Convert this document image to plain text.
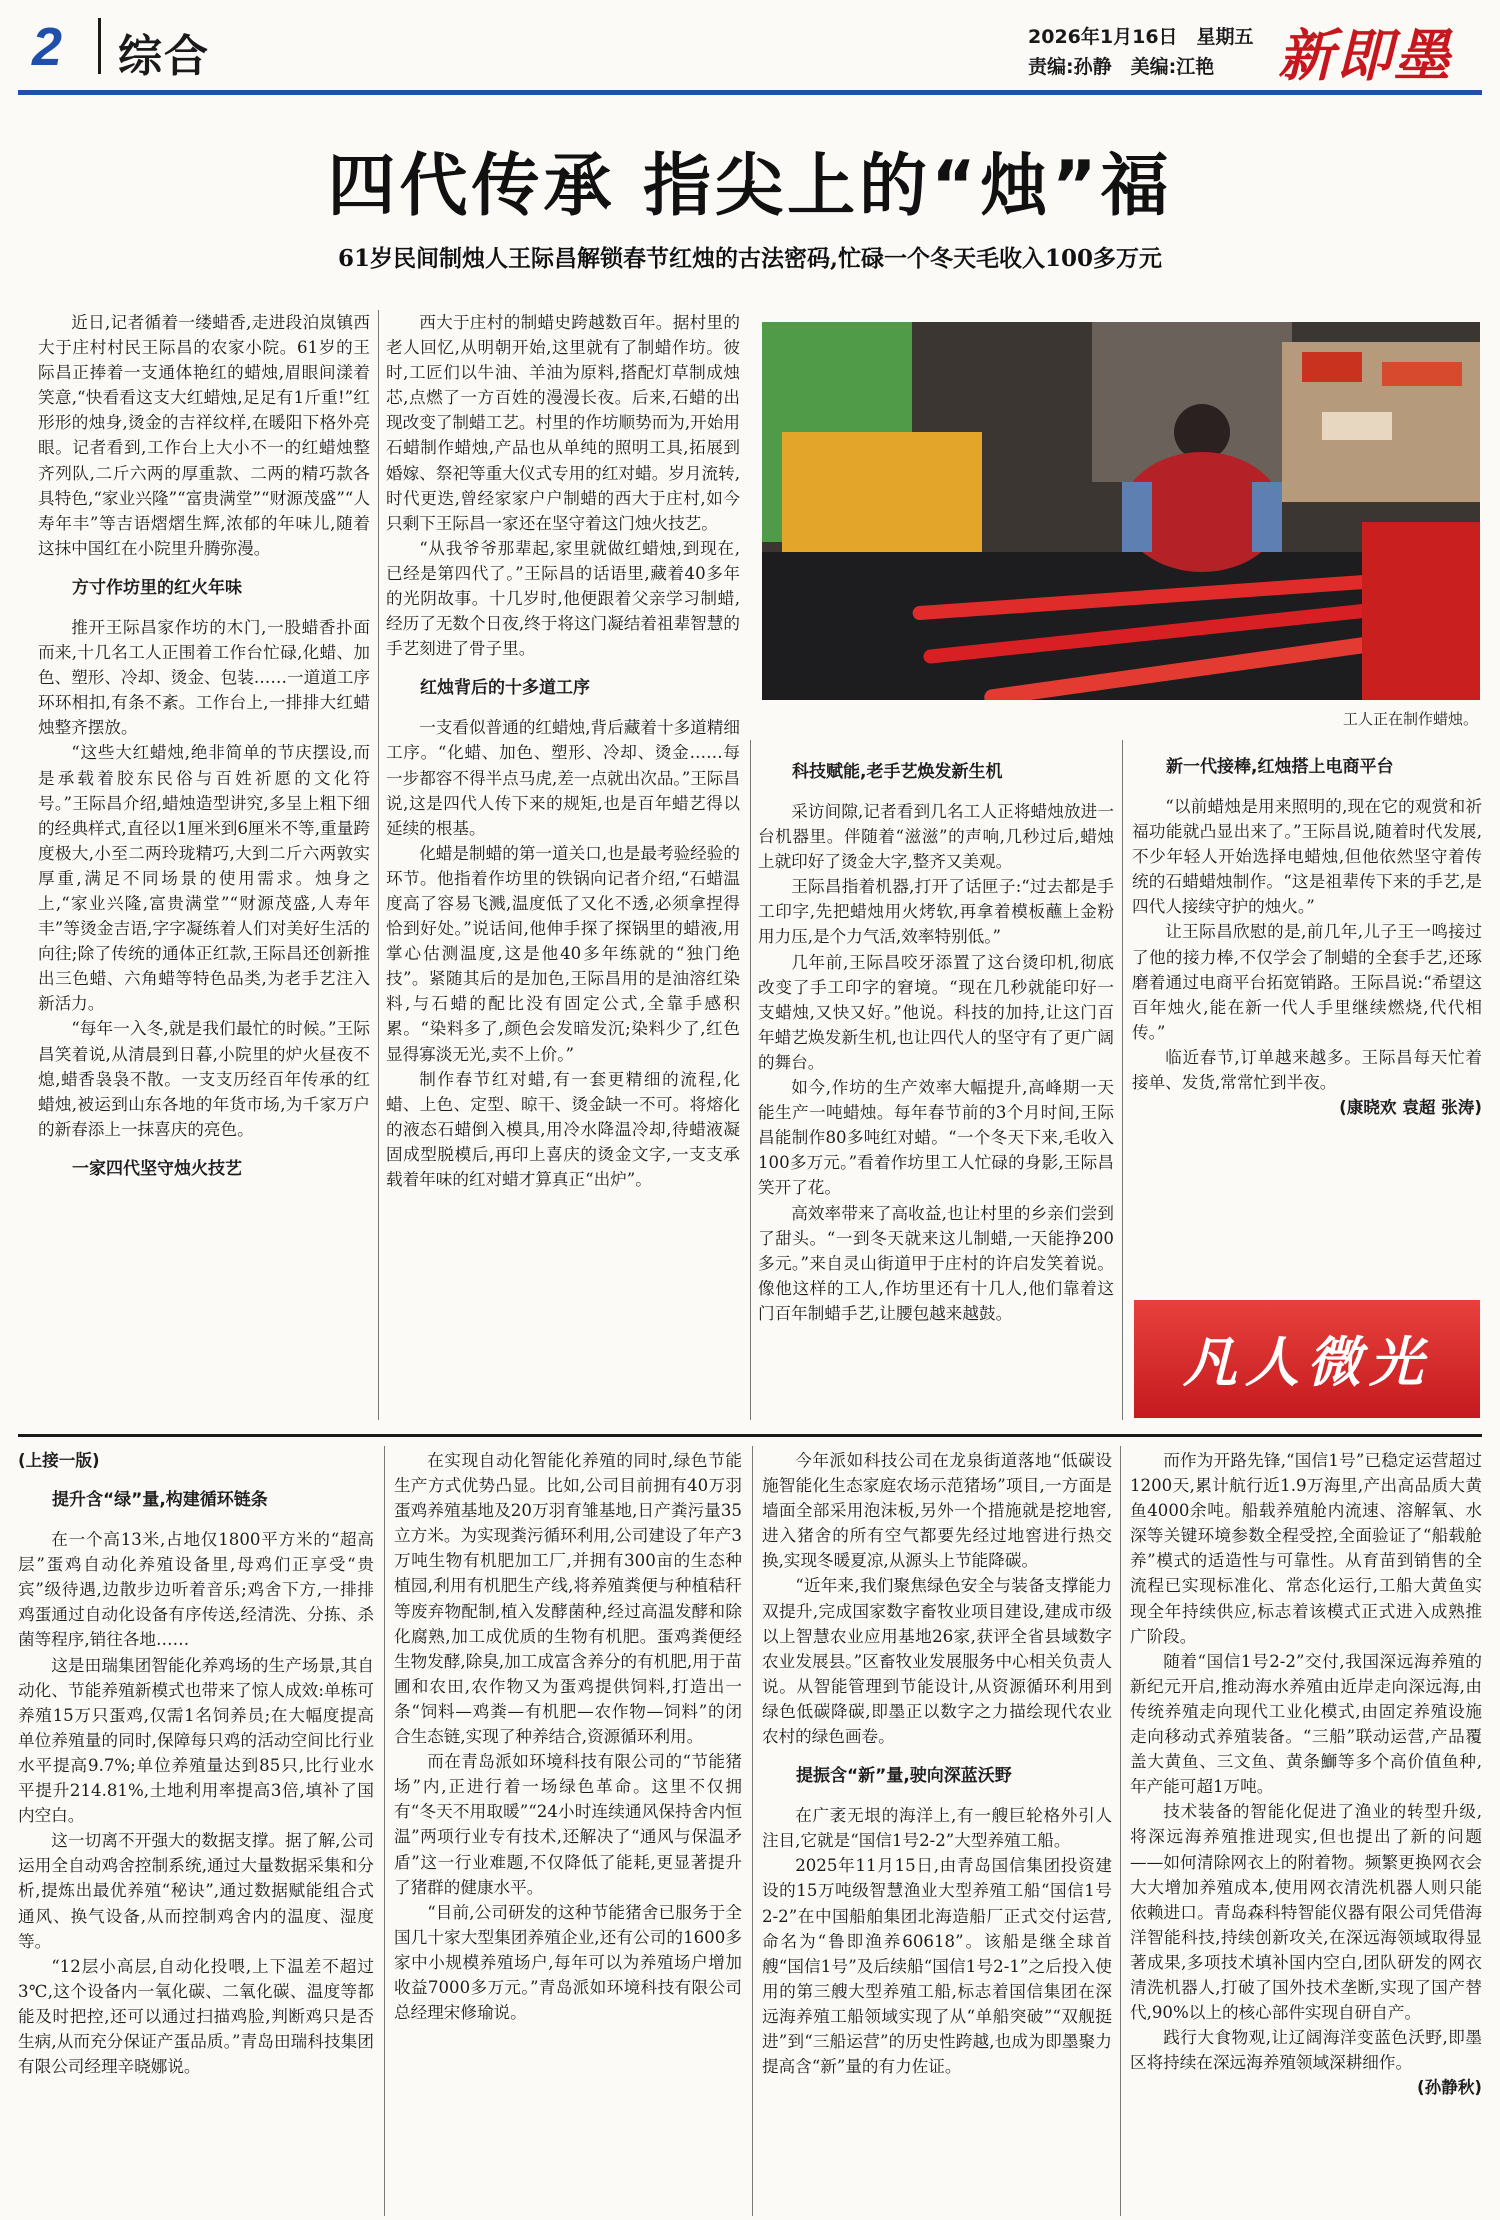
2 综合	2026年1月16日　星期五
责编:孙静　美编:江艳 新即墨
四代传承 指尖上的“烛”福
61岁民间制烛人王际昌解锁春节红烛的古法密码,忙碌一个冬天毛收入100多万元

近日,记者循着一缕蜡香,走进段泊岚镇西大于庄村村民王际昌的农家小院。61岁的王际昌正捧着一支通体艳红的蜡烛,眉眼间漾着笑意,“快看看这支大红蜡烛,足足有1斤重!”红形形的烛身,烫金的吉祥纹样,在暖阳下格外亮眼。记者看到,工作台上大小不一的红蜡烛整齐列队,二斤六两的厚重款、二两的精巧款各具特色,“家业兴隆”“富贵满堂”“财源茂盛”“人寿年丰”等吉语熠熠生辉,浓郁的年味儿,随着这抹中国红在小院里升腾弥漫。

方寸作坊里的红火年味

推开王际昌家作坊的木门,一股蜡香扑面而来,十几名工人正围着工作台忙碌,化蜡、加色、塑形、冷却、烫金、包装……一道道工序环环相扣,有条不紊。工作台上,一排排大红蜡烛整齐摆放。

“这些大红蜡烛,绝非简单的节庆摆设,而是承载着胶东民俗与百姓祈愿的文化符号。”王际昌介绍,蜡烛造型讲究,多呈上粗下细的经典样式,直径以1厘米到6厘米不等,重量跨度极大,小至二两玲珑精巧,大到二斤六两敦实厚重,满足不同场景的使用需求。烛身之上,“家业兴隆,富贵满堂”“财源茂盛,人寿年丰”等烫金吉语,字字凝练着人们对美好生活的向往;除了传统的通体正红款,王际昌还创新推出三色蜡、六角蜡等特色品类,为老手艺注入新活力。

“每年一入冬,就是我们最忙的时候。”王际昌笑着说,从清晨到日暮,小院里的炉火昼夜不熄,蜡香袅袅不散。一支支历经百年传承的红蜡烛,被运到山东各地的年货市场,为千家万户的新春添上一抹喜庆的亮色。

一家四代坚守烛火技艺

西大于庄村的制蜡史跨越数百年。据村里的老人回忆,从明朝开始,这里就有了制蜡作坊。彼时,工匠们以牛油、羊油为原料,搭配灯草制成烛芯,点燃了一方百姓的漫漫长夜。后来,石蜡的出现改变了制蜡工艺。村里的作坊顺势而为,开始用石蜡制作蜡烛,产品也从单纯的照明工具,拓展到婚嫁、祭祀等重大仪式专用的红对蜡。岁月流转,时代更迭,曾经家家户户制蜡的西大于庄村,如今只剩下王际昌一家还在坚守着这门烛火技艺。

“从我爷爷那辈起,家里就做红蜡烛,到现在,已经是第四代了。”王际昌的话语里,藏着40多年的光阴故事。十几岁时,他便跟着父亲学习制蜡,经历了无数个日夜,终于将这门凝结着祖辈智慧的手艺刻进了骨子里。

红烛背后的十多道工序

一支看似普通的红蜡烛,背后藏着十多道精细工序。“化蜡、加色、塑形、冷却、烫金……每一步都容不得半点马虎,差一点就出次品。”王际昌说,这是四代人传下来的规矩,也是百年蜡艺得以延续的根基。

化蜡是制蜡的第一道关口,也是最考验经验的环节。他指着作坊里的铁锅向记者介绍,“石蜡温度高了容易飞溅,温度低了又化不透,必须拿捏得恰到好处。”说话间,他伸手探了探锅里的蜡液,用掌心估测温度,这是他40多年练就的“独门绝技”。紧随其后的是加色,王际昌用的是油溶红染料,与石蜡的配比没有固定公式,全靠手感积累。“染料多了,颜色会发暗发沉;染料少了,红色显得寡淡无光,卖不上价。”

制作春节红对蜡,有一套更精细的流程,化蜡、上色、定型、晾干、烫金缺一不可。将熔化的液态石蜡倒入模具,用冷水降温冷却,待蜡液凝固成型脱模后,再印上喜庆的烫金文字,一支支承载着年味的红对蜡才算真正“出炉”。

工人正在制作蜡烛。
科技赋能,老手艺焕发新生机

采访间隙,记者看到几名工人正将蜡烛放进一台机器里。伴随着“滋滋”的声响,几秒过后,蜡烛上就印好了烫金大字,整齐又美观。

王际昌指着机器,打开了话匣子:“过去都是手工印字,先把蜡烛用火烤软,再拿着模板蘸上金粉用力压,是个力气活,效率特别低。”

几年前,王际昌咬牙添置了这台烫印机,彻底改变了手工印字的窘境。“现在几秒就能印好一支蜡烛,又快又好。”他说。科技的加持,让这门百年蜡艺焕发新生机,也让四代人的坚守有了更广阔的舞台。

如今,作坊的生产效率大幅提升,高峰期一天能生产一吨蜡烛。每年春节前的3个月时间,王际昌能制作80多吨红对蜡。“一个冬天下来,毛收入100多万元。”看着作坊里工人忙碌的身影,王际昌笑开了花。

高效率带来了高收益,也让村里的乡亲们尝到了甜头。“一到冬天就来这儿制蜡,一天能挣200多元。”来自灵山街道甲于庄村的许启发笑着说。像他这样的工人,作坊里还有十几人,他们靠着这门百年制蜡手艺,让腰包越来越鼓。

新一代接棒,红烛搭上电商平台

“以前蜡烛是用来照明的,现在它的观赏和祈福功能就凸显出来了。”王际昌说,随着时代发展,不少年轻人开始选择电蜡烛,但他依然坚守着传统的石蜡蜡烛制作。“这是祖辈传下来的手艺,是四代人接续守护的烛火。”

让王际昌欣慰的是,前几年,儿子王一鸣接过了他的接力棒,不仅学会了制蜡的全套手艺,还琢磨着通过电商平台拓宽销路。王际昌说:“希望这百年烛火,能在新一代人手里继续燃烧,代代相传。”

临近春节,订单越来越多。王际昌每天忙着接单、发货,常常忙到半夜。

(康晓欢 袁超 张涛)

凡人微光

(上接一版)

提升含“绿”量,构建循环链条

在一个高13米,占地仅1800平方米的“超高层”蛋鸡自动化养殖设备里,母鸡们正享受“贵宾”级待遇,边散步边听着音乐;鸡舍下方,一排排鸡蛋通过自动化设备有序传送,经清洗、分拣、杀菌等程序,销往各地……

这是田瑞集团智能化养鸡场的生产场景,其自动化、节能养殖新模式也带来了惊人成效:单栋可养殖15万只蛋鸡,仅需1名饲养员;在大幅度提高单位养殖量的同时,保障每只鸡的活动空间比行业水平提高9.7%;单位养殖量达到85只,比行业水平提升214.81%,土地利用率提高3倍,填补了国内空白。

这一切离不开强大的数据支撑。据了解,公司运用全自动鸡舍控制系统,通过大量数据采集和分析,提炼出最优养殖“秘诀”,通过数据赋能组合式通风、换气设备,从而控制鸡舍内的温度、湿度等。

“12层小高层,自动化投喂,上下温差不超过3℃,这个设备内一氧化碳、二氧化碳、温度等都能及时把控,还可以通过扫描鸡脸,判断鸡只是否生病,从而充分保证产蛋品质。”青岛田瑞科技集团有限公司经理辛晓娜说。

在实现自动化智能化养殖的同时,绿色节能生产方式优势凸显。比如,公司目前拥有40万羽蛋鸡养殖基地及20万羽育雏基地,日产粪污量35立方米。为实现粪污循环利用,公司建设了年产3万吨生物有机肥加工厂,并拥有300亩的生态种植园,利用有机肥生产线,将养殖粪便与种植秸秆等废弃物配制,植入发酵菌种,经过高温发酵和除化腐熟,加工成优质的生物有机肥。蛋鸡粪便经生物发酵,除臭,加工成富含养分的有机肥,用于苗圃和农田,农作物又为蛋鸡提供饲料,打造出一条“饲料—鸡粪—有机肥—农作物—饲料”的闭合生态链,实现了种养结合,资源循环利用。

而在青岛派如环境科技有限公司的“节能猪场”内,正进行着一场绿色革命。这里不仅拥有“冬天不用取暖”“24小时连续通风保持舍内恒温”两项行业专有技术,还解决了“通风与保温矛盾”这一行业难题,不仅降低了能耗,更显著提升了猪群的健康水平。

“目前,公司研发的这种节能猪舍已服务于全国几十家大型集团养殖企业,还有公司的1600多家中小规模养殖场户,每年可以为养殖场户增加收益7000多万元。”青岛派如环境科技有限公司总经理宋修瑜说。

今年派如科技公司在龙泉街道落地“低碳设施智能化生态家庭农场示范猪场”项目,一方面是墙面全部采用泡沫板,另外一个措施就是挖地窖,进入猪舍的所有空气都要先经过地窖进行热交换,实现冬暖夏凉,从源头上节能降碳。

“近年来,我们聚焦绿色安全与装备支撑能力双提升,完成国家数字畜牧业项目建设,建成市级以上智慧农业应用基地26家,获评全省县域数字农业发展县。”区畜牧业发展服务中心相关负责人说。从智能管理到节能设计,从资源循环利用到绿色低碳降碳,即墨正以数字之力描绘现代农业农村的绿色画卷。

提振含“新”量,驶向深蓝沃野

在广袤无垠的海洋上,有一艘巨轮格外引人注目,它就是“国信1号2-2”大型养殖工船。

2025年11月15日,由青岛国信集团投资建设的15万吨级智慧渔业大型养殖工船“国信1号2-2”在中国船舶集团北海造船厂正式交付运营,命名为“鲁即渔养60618”。该船是继全球首艘“国信1号”及后续船“国信1号2-1”之后投入使用的第三艘大型养殖工船,标志着国信集团在深远海养殖工船领域实现了从“单船突破”“双舰挺进”到“三船运营”的历史性跨越,也成为即墨聚力提高含“新”量的有力佐证。

而作为开路先锋,“国信1号”已稳定运营超过1200天,累计航行近1.9万海里,产出高品质大黄鱼4000余吨。船载养殖舱内流速、溶解氧、水深等关键环境参数全程受控,全面验证了“船载舱养”模式的适造性与可靠性。从育苗到销售的全流程已实现标准化、常态化运行,工船大黄鱼实现全年持续供应,标志着该模式正式进入成熟推广阶段。

随着“国信1号2-2”交付,我国深远海养殖的新纪元开启,推动海水养殖由近岸走向深远海,由传统养殖走向现代工业化模式,由固定养殖设施走向移动式养殖装备。“三船”联动运营,产品覆盖大黄鱼、三文鱼、黄条鰤等多个高价值鱼种,年产能可超1万吨。

技术装备的智能化促进了渔业的转型升级,将深远海养殖推进现实,但也提出了新的问题——如何清除网衣上的附着物。频繁更换网衣会大大增加养殖成本,使用网衣清洗机器人则只能依赖进口。青岛森科特智能仪器有限公司凭借海洋智能科技,持续创新攻关,在深远海领域取得显著成果,多项技术填补国内空白,团队研发的网衣清洗机器人,打破了国外技术垄断,实现了国产替代,90%以上的核心部件实现自研自产。

践行大食物观,让辽阔海洋变蓝色沃野,即墨区将持续在深远海养殖领域深耕细作。

(孙静秋)
